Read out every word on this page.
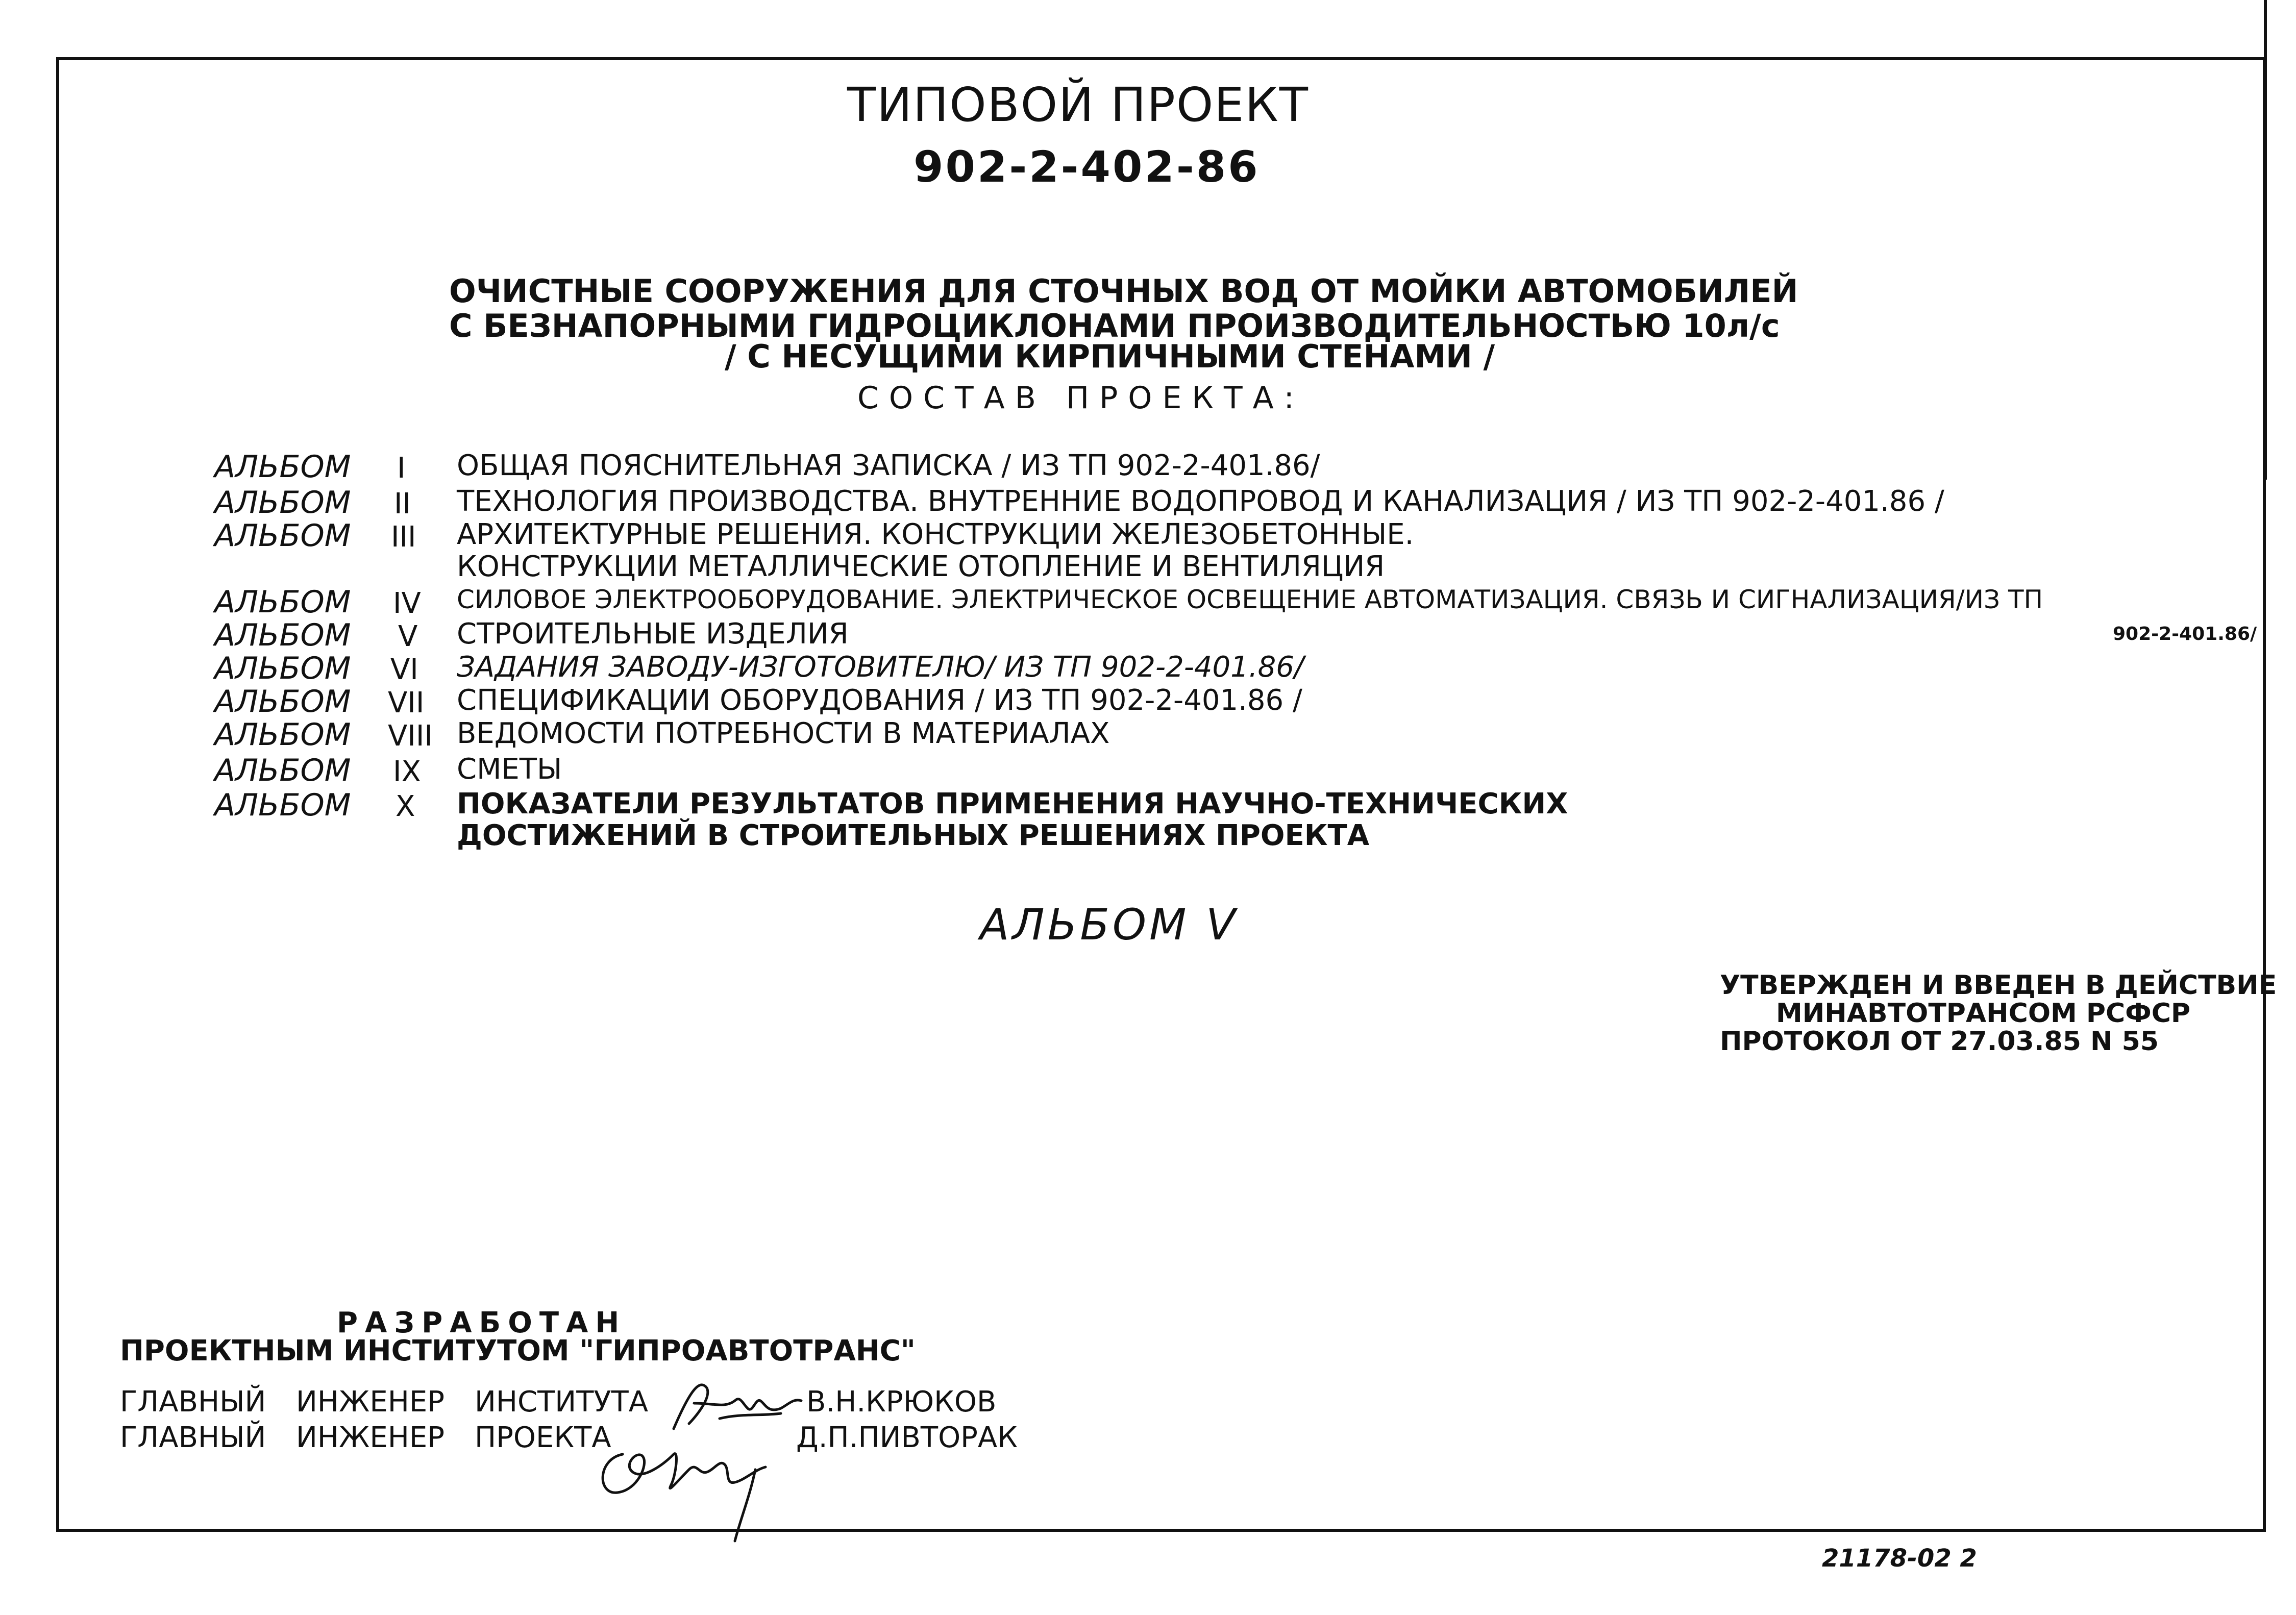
ТИПОВОЙ ПРОЕКТ
902-2-402-86
ОЧИСТНЫЕ СООРУЖЕНИЯ ДЛЯ СТОЧНЫХ ВОД ОТ МОЙКИ АВТОМОБИЛЕЙ
С БЕЗНАПОРНЫМИ ГИДРОЦИКЛОНАМИ ПРОИЗВОДИТЕЛЬНОСТЬЮ 10л/с
/ С НЕСУЩИМИ КИРПИЧНЫМИ СТЕНАМИ /
СОСТАВ ПРОЕКТА:
АЛЬБОМ I ОБЩАЯ ПОЯСНИТЕЛЬНАЯ ЗАПИСКА / ИЗ ТП 902-2-401.86/
АЛЬБОМ II ТЕХНОЛОГИЯ ПРОИЗВОДСТВА. ВНУТРЕННИЕ ВОДОПРОВОД И КАНАЛИЗАЦИЯ / ИЗ ТП 902-2-401.86 /
АЛЬБОМ III АРХИТЕКТУРНЫЕ РЕШЕНИЯ. КОНСТРУКЦИИ ЖЕЛЕЗОБЕТОННЫЕ.
КОНСТРУКЦИИ МЕТАЛЛИЧЕСКИЕ ОТОПЛЕНИЕ И ВЕНТИЛЯЦИЯ
АЛЬБОМ IV СИЛОВОЕ ЭЛЕКТРООБОРУДОВАНИЕ. ЭЛЕКТРИЧЕСКОЕ ОСВЕЩЕНИЕ АВТОМАТИЗАЦИЯ. СВЯЗЬ И СИГНАЛИЗАЦИЯ/ИЗ ТП
902-2-401.86/
АЛЬБОМ V СТРОИТЕЛЬНЫЕ ИЗДЕЛИЯ
АЛЬБОМ VI ЗАДАНИЯ ЗАВОДУ-ИЗГОТОВИТЕЛЮ/ ИЗ ТП 902-2-401.86/
АЛЬБОМ VII СПЕЦИФИКАЦИИ ОБОРУДОВАНИЯ / ИЗ ТП 902-2-401.86 /
АЛЬБОМ VIII ВЕДОМОСТИ ПОТРЕБНОСТИ В МАТЕРИАЛАХ
АЛЬБОМ IX СМЕТЫ
АЛЬБОМ X ПОКАЗАТЕЛИ РЕЗУЛЬТАТОВ ПРИМЕНЕНИЯ НАУЧНО-ТЕХНИЧЕСКИХ
ДОСТИЖЕНИЙ В СТРОИТЕЛЬНЫХ РЕШЕНИЯХ ПРОЕКТА
АЛЬБОМ V
УТВЕРЖДЕН И ВВЕДЕН В ДЕЙСТВИЕ
МИНАВТОТРАНСОМ РСФСР
ПРОТОКОЛ ОТ 27.03.85 N 55
РАЗРАБОТАН
ПРОЕКТНЫМ ИНСТИТУТОМ "ГИПРОАВТОТРАНС"
ГЛАВНЫЙ ИНЖЕНЕР ИНСТИТУТА	В.Н.КРЮКОВ
ГЛАВНЫЙ ИНЖЕНЕР ПРОЕКТА	Д.П.ПИВТОРАК
21178-02 2
